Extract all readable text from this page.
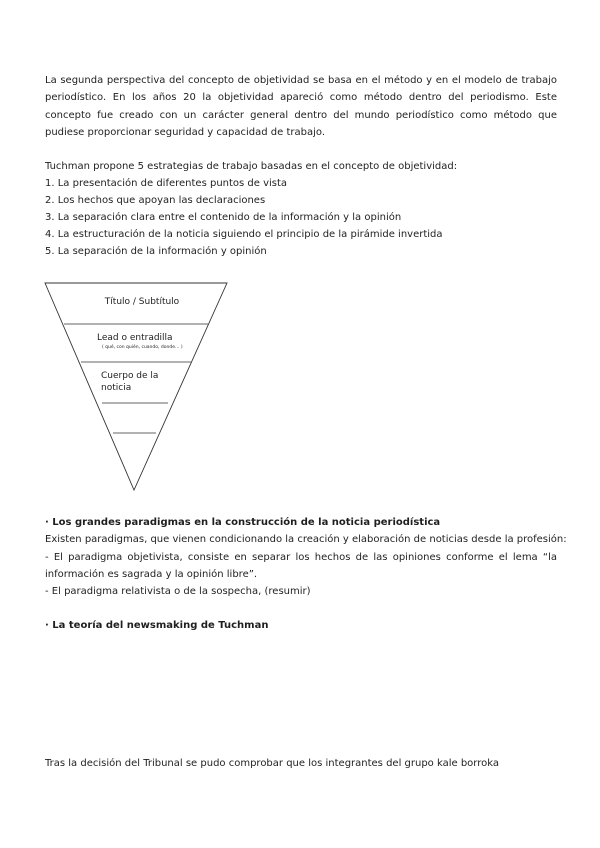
La segunda perspectiva del concepto de objetividad se basa en el método y en el modelo de trabajo periodístico. En los años 20 la objetividad apareció como método dentro del periodismo. Este concepto fue creado con un carácter general dentro del mundo periodístico como método que pudiese proporcionar seguridad y capacidad de trabajo.

Tuchman propone 5 estrategias de trabajo basadas en el concepto de objetividad:

1. La presentación de diferentes puntos de vista
2. Los hechos que apoyan las declaraciones
3. La separación clara entre el contenido de la información y la opinión
4. La estructuración de la noticia siguiendo el principio de la pirámide invertida
5. La separación de la información y opinión
Título / Subtítulo
Lead o entradilla
( qué, con quién, cuando, donde… )
Cuerpo de la
noticia
· Los grandes paradigmas en la construcción de la noticia periodística
Existen paradigmas, que vienen condicionando la creación y elaboración de noticias desde la profesión:
- El paradigma objetivista, consiste en separar los hechos de las opiniones conforme el lema “la información es sagrada y la opinión libre”.
- El paradigma relativista o de la sospecha, (resumir)
· La teoría del newsmaking de Tuchman

Tras la decisión del Tribunal se pudo comprobar que los integrantes del grupo kale borroka
